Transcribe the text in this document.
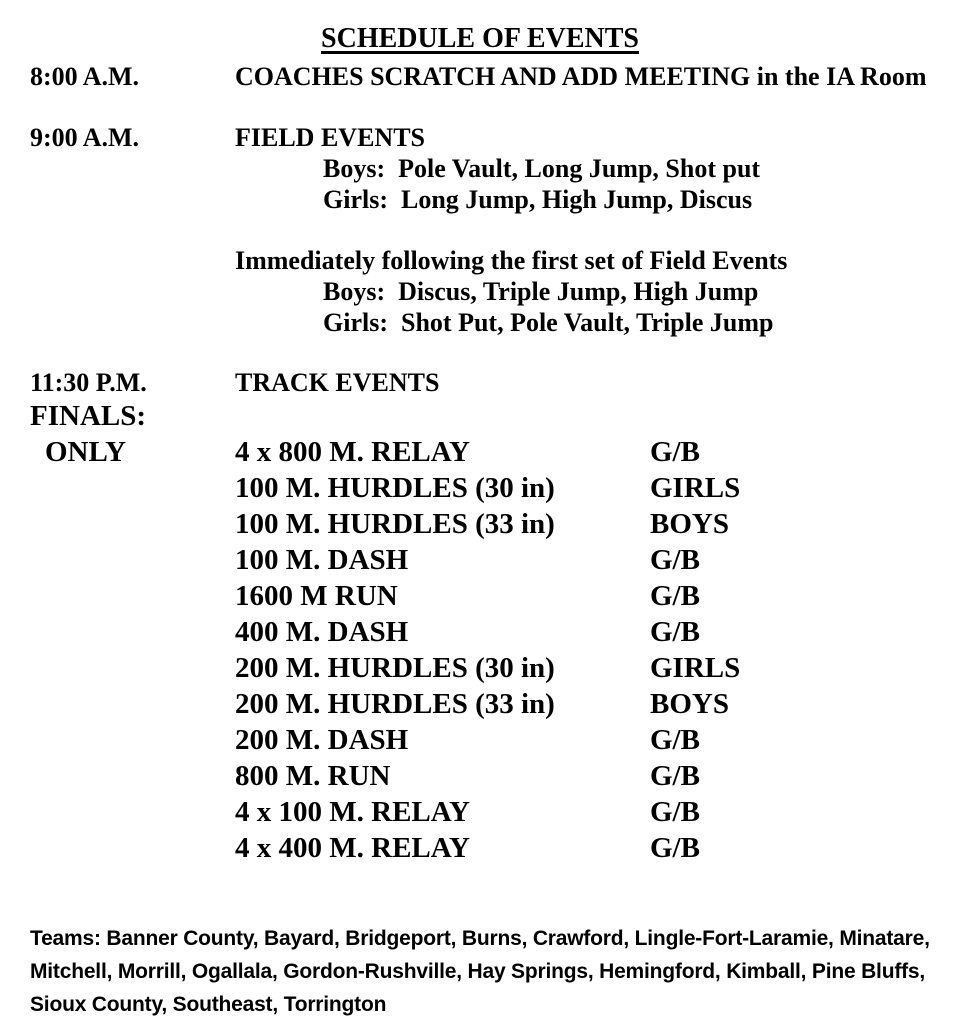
SCHEDULE OF EVENTS
8:00 A.M.	COACHES SCRATCH AND ADD MEETING in the IA Room
9:00 A.M.	FIELD EVENTS
Boys:  Pole Vault, Long Jump, Shot put
Girls:  Long Jump, High Jump, Discus
Immediately following the first set of Field Events
Boys:  Discus, Triple Jump, High Jump
Girls:  Shot Put, Pole Vault, Triple Jump
11:30 P.M.	TRACK EVENTS
FINALS:
ONLY	4 x 800 M. RELAY	G/B
100 M. HURDLES (30 in)	GIRLS
100 M. HURDLES (33 in)	BOYS
100 M. DASH	G/B
1600 M RUN	G/B
400 M. DASH	G/B
200 M. HURDLES (30 in)	GIRLS
200 M. HURDLES (33 in)	BOYS
200 M. DASH	G/B
800 M. RUN	G/B
4 x 100 M. RELAY	G/B
4 x 400 M. RELAY	G/B
Teams: Banner County, Bayard, Bridgeport, Burns, Crawford, Lingle-Fort-Laramie, Minatare, Mitchell, Morrill, Ogallala, Gordon-Rushville, Hay Springs, Hemingford, Kimball, Pine Bluffs, Sioux County, Southeast, Torrington
